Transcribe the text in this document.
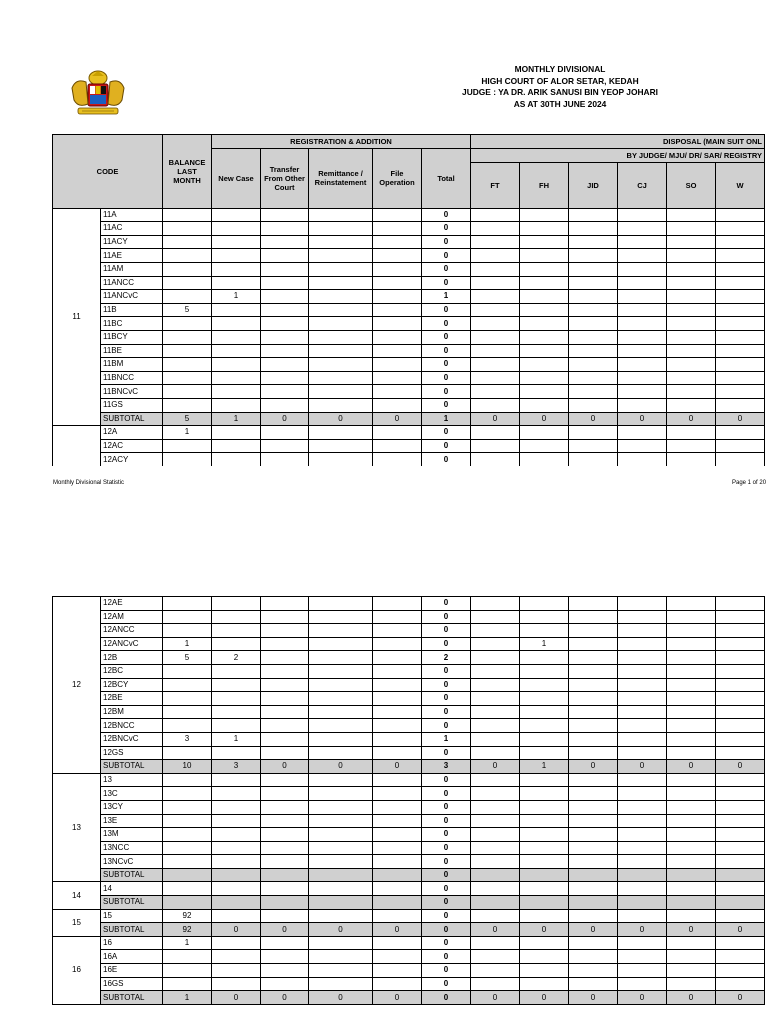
MONTHLY DIVISIONAL
HIGH COURT OF ALOR SETAR, KEDAH
JUDGE : YA DR. ARIK SANUSI BIN YEOP JOHARI
AS AT 30TH JUNE 2024
CODE		BALANCE LAST MONTH	REGISTRATION & ADDITION					DISPOSAL (MAIN SUIT ONL					
			New Case	Transfer From Other Court	Remittance / Reinstatement	File Operation	Total	BY JUDGE/ MJU/ DR/ SAR/ REGISTRY					
								FT	FH	JID	CJ	SO	W
11	11A						0						
	11AC						0						
	11ACY						0						
	11AE						0						
	11AM						0						
	11ANCC						0						
	11ANCvC		1				1						
	11B	5					0						
	11BC						0						
	11BCY						0						
	11BE						0						
	11BM						0						
	11BNCC						0						
	11BNCvC						0						
	11GS						0						
	SUBTOTAL	5	1	0	0	0	1	0	0	0	0	0	0
	12A	1					0						
	12AC						0						
	12ACY						0						
Monthly Divisional Statistic	Page 1 of 20
12	12AE						0						
	12AM						0						
	12ANCC						0						
	12ANCvC	1					0		1				
	12B	5	2				2						
	12BC						0						
	12BCY						0						
	12BE						0						
	12BM						0						
	12BNCC						0						
	12BNCvC	3	1				1						
	12GS						0						
	SUBTOTAL	10	3	0	0	0	3	0	1	0	0	0	0
13	13						0						
	13C						0						
	13CY						0						
	13E						0						
	13M						0						
	13NCC						0						
	13NCvC						0						
	SUBTOTAL						0						
14	14						0						
	SUBTOTAL						0						
15	15	92					0						
	SUBTOTAL	92	0	0	0	0	0	0	0	0	0	0	0
16	16	1					0						
	16A						0						
	16E						0						
	16GS						0						
	SUBTOTAL	1	0	0	0	0	0	0	0	0	0	0	0
